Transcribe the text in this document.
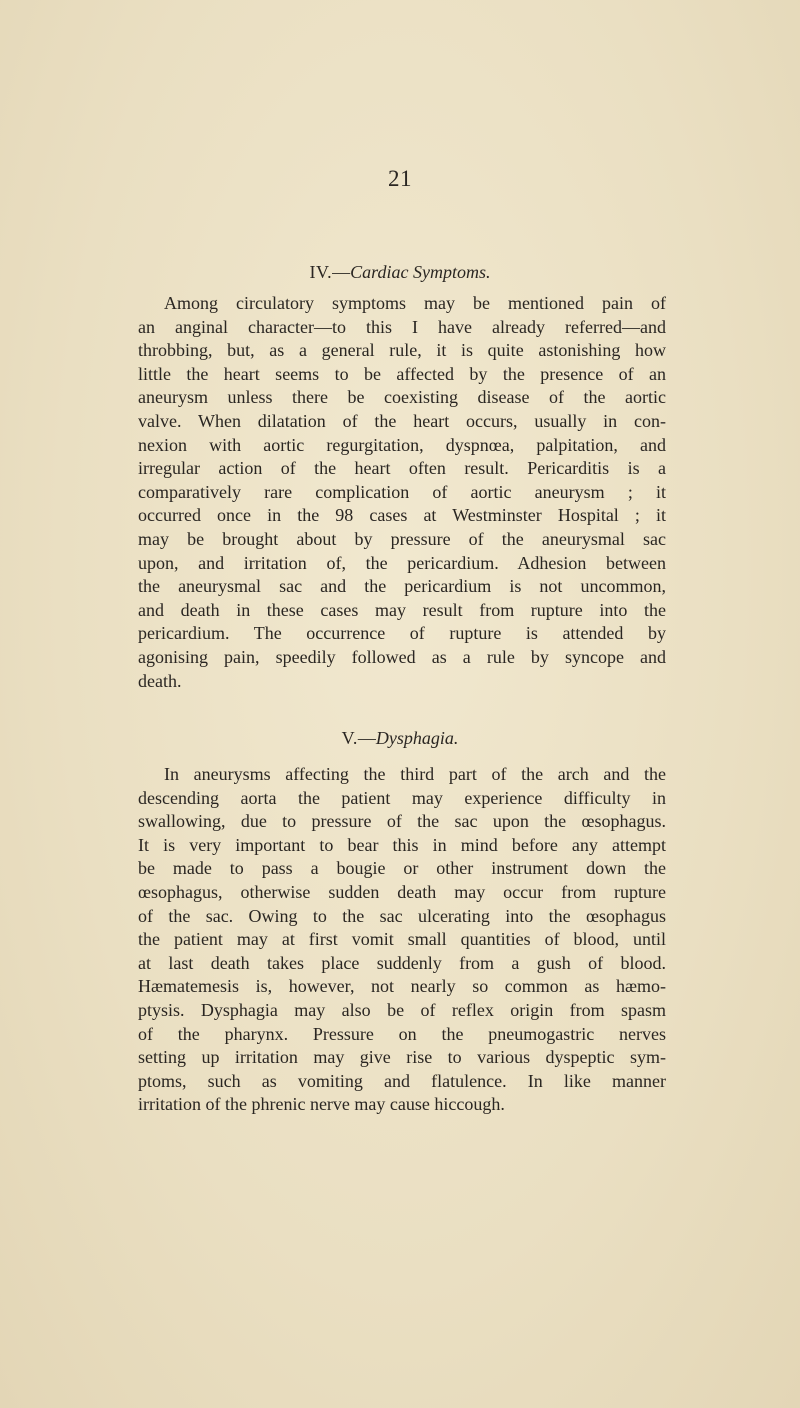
21
IV.—Cardiac Symptoms.
Among circulatory symptoms may be mentioned pain of
an anginal character—to this I have already referred—and
throbbing, but, as a general rule, it is quite astonishing how
little the heart seems to be affected by the presence of an
aneurysm unless there be coexisting disease of the aortic
valve. When dilatation of the heart occurs, usually in con-
nexion with aortic regurgitation, dyspnœa, palpitation, and
irregular action of the heart often result. Pericarditis is a
comparatively rare complication of aortic aneurysm ; it
occurred once in the 98 cases at Westminster Hospital ; it
may be brought about by pressure of the aneurysmal sac
upon, and irritation of, the pericardium. Adhesion between
the aneurysmal sac and the pericardium is not uncommon,
and death in these cases may result from rupture into the
pericardium. The occurrence of rupture is attended by
agonising pain, speedily followed as a rule by syncope and
death.
V.—Dysphagia.
In aneurysms affecting the third part of the arch and the
descending aorta the patient may experience difficulty in
swallowing, due to pressure of the sac upon the œsophagus.
It is very important to bear this in mind before any attempt
be made to pass a bougie or other instrument down the
œsophagus, otherwise sudden death may occur from rupture
of the sac. Owing to the sac ulcerating into the œsophagus
the patient may at first vomit small quantities of blood, until
at last death takes place suddenly from a gush of blood.
Hæmatemesis is, however, not nearly so common as hæmo-
ptysis. Dysphagia may also be of reflex origin from spasm
of the pharynx. Pressure on the pneumogastric nerves
setting up irritation may give rise to various dyspeptic sym-
ptoms, such as vomiting and flatulence. In like manner
irritation of the phrenic nerve may cause hiccough.
